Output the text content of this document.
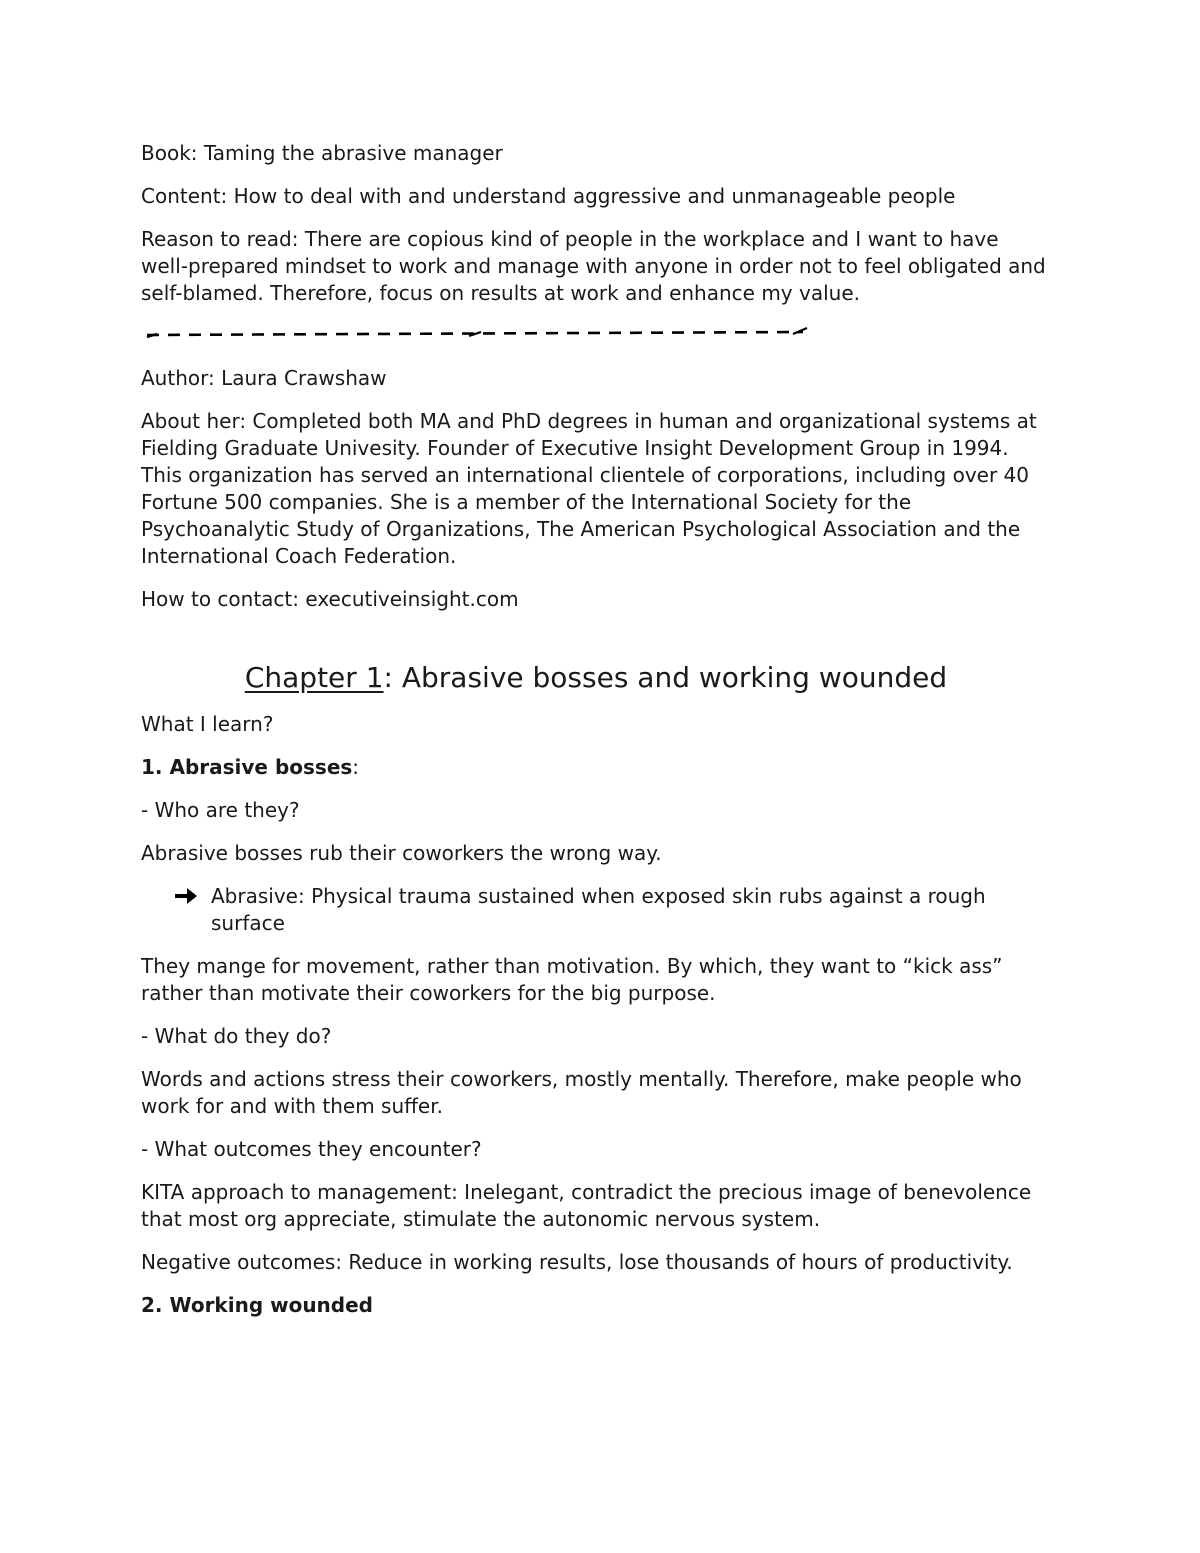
Book: Taming the abrasive manager

Content: How to deal with and understand aggressive and unmanageable people

Reason to read: There are copious kind of people in the workplace and I want to have well-prepared mindset to work and manage with anyone in order not to feel obligated and self-blamed. Therefore, focus on results at work and enhance my value.

Author: Laura Crawshaw

About her: Completed both MA and PhD degrees in human and organizational systems at Fielding Graduate Univesity. Founder of Executive Insight Development Group in 1994. This organization has served an international clientele of corporations, including over 40 Fortune 500 companies. She is a member of the International Society for the Psychoanalytic Study of Organizations, The American Psychological Association and the International Coach Federation.

How to contact: executiveinsight.com

Chapter 1: Abrasive bosses and working wounded

What I learn?

1. Abrasive bosses:

- Who are they?

Abrasive bosses rub their coworkers the wrong way.

Abrasive: Physical trauma sustained when exposed skin rubs against a rough surface

They mange for movement, rather than motivation. By which, they want to “kick ass” rather than motivate their coworkers for the big purpose.

- What do they do?

Words and actions stress their coworkers, mostly mentally. Therefore, make people who work for and with them suffer.

- What outcomes they encounter?

KITA approach to management: Inelegant, contradict the precious image of benevolence that most org appreciate, stimulate the autonomic nervous system.

Negative outcomes: Reduce in working results, lose thousands of hours of productivity.

2. Working wounded
